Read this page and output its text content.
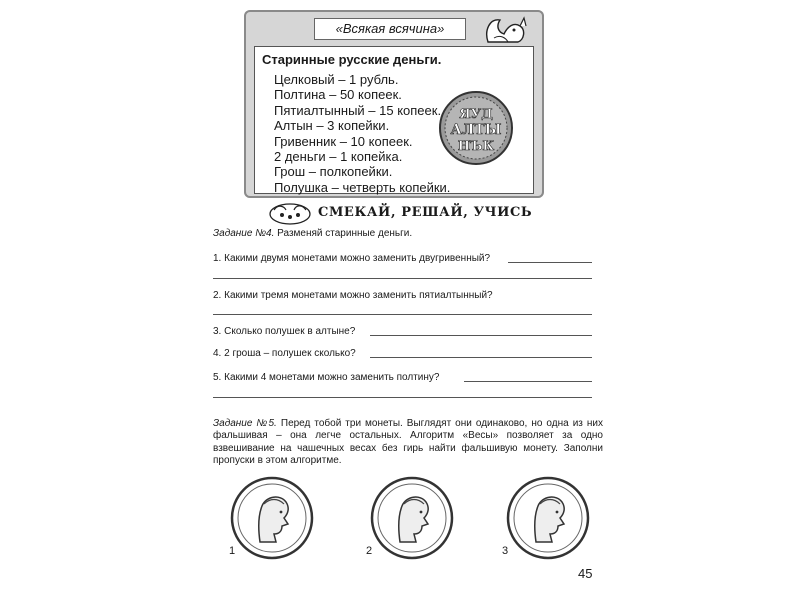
«Всякая всячина»
Старинные русские деньги.
Целковый – 1 рубль.
Полтина – 50 копеек.
Пятиалтынный – 15 копеек.
Алтын – 3 копейки.
Гривенник – 10 копеек.
2 деньги – 1 копейка.
Грош – полкопейки.
Полушка – четверть копейки.
ЯУД
АЛТЫ
НЪК
СМЕКАЙ, РЕШАЙ, УЧИСЬ
Задание №4. Разменяй старинные деньги.
1. Какими двумя монетами можно заменить двугривенный?
2. Какими тремя монетами можно заменить пятиалтынный?
3. Сколько полушек в алтыне?
4. 2 гроша – полушек сколько?
5. Какими 4 монетами можно заменить полтину?
Задание №5. Перед тобой три монеты. Выглядят они одинаково, но одна из них фальшивая – она легче остальных. Алгоритм «Весы» позволяет за одно взвешивание на чашечных весах без гирь найти фальшивую монету. Заполни пропуски в этом алгоритме.
1	2	3
45
